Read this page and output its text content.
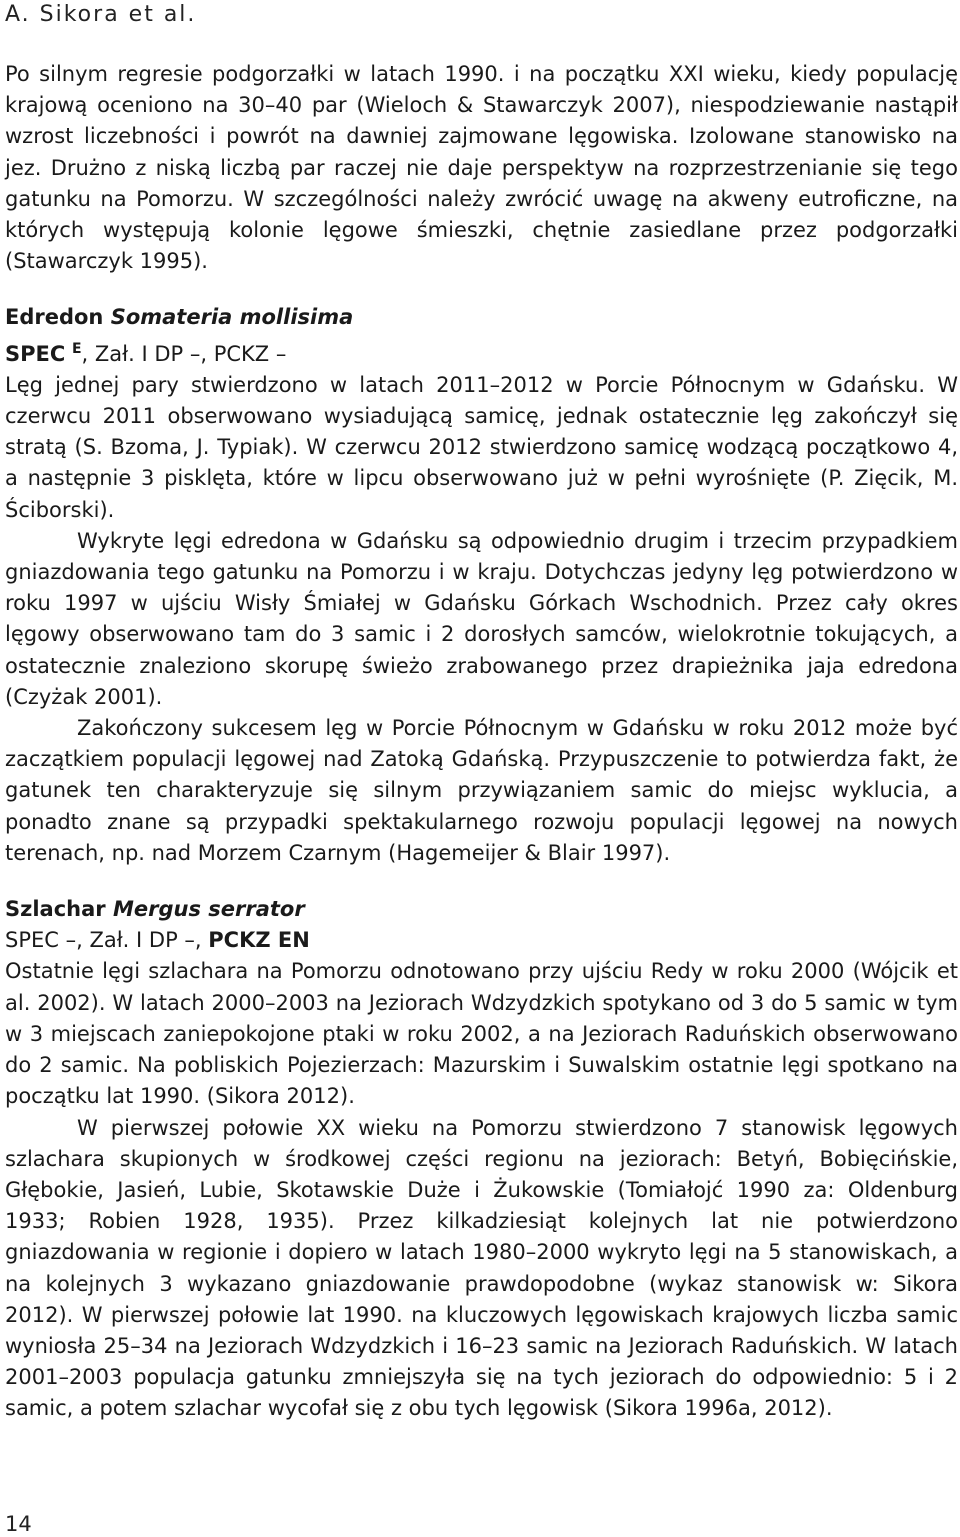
A. Sikora et al.

Po silnym regresie podgorzałki w latach 1990. i na początku XXI wieku, kiedy populację krajową oceniono na 30–40 par (Wieloch & Stawarczyk 2007), niespodziewanie nastąpił wzrost liczebności i powrót na dawniej zajmowane lęgowiska. Izolowane stanowisko na jez. Drużno z niską liczbą par raczej nie daje perspektyw na rozprzestrzenianie się tego gatunku na Pomorzu. W szczególności należy zwrócić uwagę na akweny eutroficzne, na których występują kolonie lęgowe śmieszki, chętnie zasiedlane przez podgorzałki (Stawarczyk 1995).

Edredon Somateria mollisima

SPEC $^E$, Zał. I DP –, PCKZ –

Lęg jednej pary stwierdzono w latach 2011–2012 w Porcie Północnym w Gdańsku. W czerwcu 2011 obserwowano wysiadującą samicę, jednak ostatecznie lęg zakończył się stratą (S. Bzoma, J. Typiak). W czerwcu 2012 stwierdzono samicę wodzącą początkowo 4, a następnie 3 pisklęta, które w lipcu obserwowano już w pełni wyrośnięte (P. Zięcik, M. Ściborski).

Wykryte lęgi edredona w Gdańsku są odpowiednio drugim i trzecim przypadkiem gniazdowania tego gatunku na Pomorzu i w kraju. Dotychczas jedyny lęg potwierdzono w roku 1997 w ujściu Wisły Śmiałej w Gdańsku Górkach Wschodnich. Przez cały okres lęgowy obserwowano tam do 3 samic i 2 dorosłych samców, wielokrotnie tokujących, a ostatecznie znaleziono skorupę świeżo zrabowanego przez drapieżnika jaja edredona (Czyżak 2001).

Zakończony sukcesem lęg w Porcie Północnym w Gdańsku w roku 2012 może być zaczątkiem populacji lęgowej nad Zatoką Gdańską. Przypuszczenie to potwierdza fakt, że gatunek ten charakteryzuje się silnym przywiązaniem samic do miejsc wyklucia, a ponadto znane są przypadki spektakularnego rozwoju populacji lęgowej na nowych terenach, np. nad Morzem Czarnym (Hagemeijer & Blair 1997).

Szlachar Mergus serrator

SPEC –, Zał. I DP –, PCKZ EN

Ostatnie lęgi szlachara na Pomorzu odnotowano przy ujściu Redy w roku 2000 (Wójcik et al. 2002). W latach 2000–2003 na Jeziorach Wdzydzkich spotykano od 3 do 5 samic w tym w 3 miejscach zaniepokojone ptaki w roku 2002, a na Jeziorach Raduńskich obserwowano do 2 samic. Na pobliskich Pojezierzach: Mazurskim i Suwalskim ostatnie lęgi spotkano na początku lat 1990. (Sikora 2012).

W pierwszej połowie XX wieku na Pomorzu stwierdzono 7 stanowisk lęgowych szlachara skupionych w środkowej części regionu na jeziorach: Betyń, Bobięcińskie, Głębokie, Jasień, Lubie, Skotawskie Duże i Żukowskie (Tomiałojć 1990 za: Oldenburg 1933; Robien 1928, 1935). Przez kilkadziesiąt kolejnych lat nie potwierdzono gniazdowania w regionie i dopiero w latach 1980–2000 wykryto lęgi na 5 stanowiskach, a na kolejnych 3 wykazano gniazdowanie prawdopodobne (wykaz stanowisk w: Sikora 2012). W pierwszej połowie lat 1990. na kluczowych lęgowiskach krajowych liczba samic wyniosła 25–34 na Jeziorach Wdzydzkich i 16–23 samic na Jeziorach Raduńskich. W latach 2001–2003 populacja gatunku zmniejszyła się na tych jeziorach do odpowiednio: 5 i 2 samic, a potem szlachar wycofał się z obu tych lęgowisk (Sikora 1996a, 2012).

14
